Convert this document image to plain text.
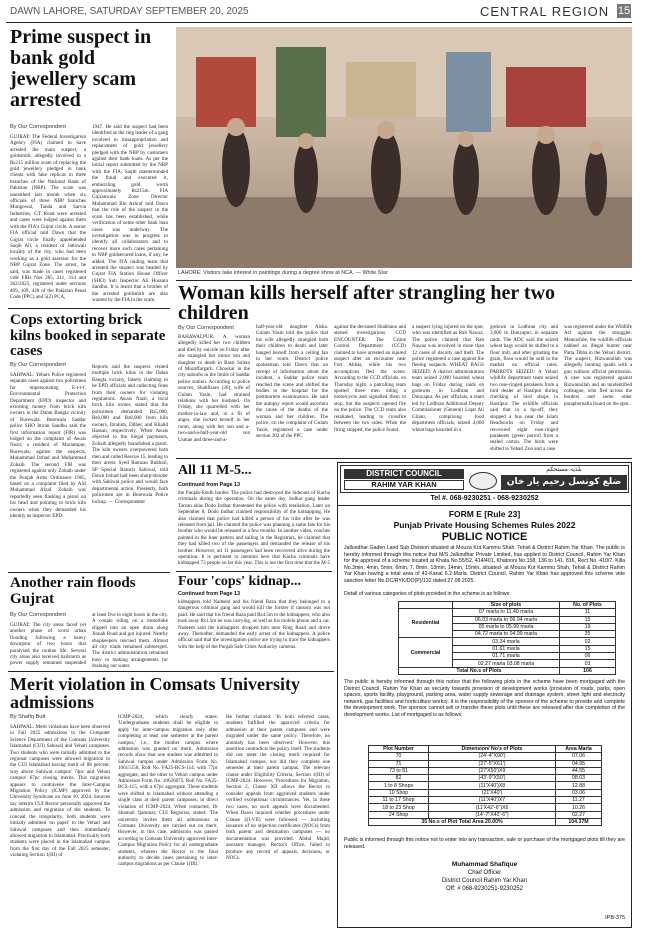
DAWN LAHORE, SATURDAY SEPTEMBER 20, 2025	CENTRAL REGION 15
Prime suspect in bank gold jewellery scam arrested
By Our Correspondent
GUJRAT: The Federal Investigation Agency (FIA) claimed to have arrested the main suspect, a goldsmith, allegedly involved in a Rs215 million scam of replacing the gold jewellery pledged in bank clients with fake replicas in three branches of the National Bank of Pakistan (NBP). The scam was unearthed last month when six officials of three NBP branches Mungowal, Tanda and Sarvia Industries, GT Road were arrested and cases were lodged against them with the FIA's Gujrat circle. A senior FIA official told Dawn that the Gujrat circle finally apprehended Saqib Ali, a resident of Jattowali locality of the city, who had been working as a gold assessor for the NBP Gujrat Zone. The arrest, he said, was made in cases registered vide FIRs Nos 285, 311, 314 and 382/2025, registered under sections 409, 109, 420 of the Pakistan Penal Code (PPC) and 5(2) PCA,
1947. He said the suspect had been identified as the ring leader of a gang involved in misappropriation and replacement of gold jewellery pledged with the NBP by customers against their bank loans. As per the initial report submitted by the NBP with the FIA, Saqib masterminded the fraud and executed it, embezzling gold worth approximately Rs215m. FIA Gujranwala Zone Director Muhammad Bin Ashraf told Dawn that the role of the suspect in the scam has been established, while verification of some other bank loan cases was underway. The investigation was in progress to identify all collaborators and to recover more such cases pertaining to NBP goldsecured loans, if any, he added. The FIA raiding team that arrested the suspect was headed by Gujrat FIA Station House Officer (SHO) Sub Inspector Ali Hussain Sandhu. It is learnt that a brother of the arrested goldsmith are also wanted by the FIA in the scam.
Cops extorting brick kilns booked in separate cases
By Our Correspondent
SAHIWAL: Yebars Police registered separate cases against two policemen for impersonating E-t-t-f. Environmental Protection Department (EPD) inspector and extorting money from brick kiln owners in the Dalan Bangla vicinity of Burewala. Burewala Saddar police SHO Imran Sandhu said the first information report (FIR) was lodged on the complaint of Awais Nazir, a resident of Mariampur, Burewala, against the suspects, Muhammad Irshad and Muhammad Zohaib. The second FIR was registered against only Zohaib under the Punjab Arms Ordinance 1965, based on a complaint filed by ASI Muhammad Afzal. Zohaib was reportedly seen flashing a pistol on his head and pointing to brick kiln owners when they demanded his identity as inspector EPD.
Reports said the suspects visited multiple brick kilns in the Dalan Bangla vicinity, falsely claiming to be EPD officials and collecting fines from their owners for violating regulations. Awais Nazir, a local brick kiln owner, stated that the policemen demanded Rs5,000, Rs6,000 and Rs8,000 from kiln owners, Ibrahim, Dilber, and Khalid Hassan, respectively. When Awais objected to the illegal payments, Zohaib allegedly brandished a pistol. The kiln owners overpowered both men and called Rescue 15, leading to their arrest. Syed Ramzan Bukhari, SP Special Branch Sahiwal, told Dawn Irshad had been sharp-shooter with Sahiwal police and would face departmental action. Presently, both policemen are in Burewala Police lockup. — Correspondent
Another rain floods Gujrat
By Our Correspondent
GUJRAT: The city areas faced yet another phase of worst urban flooding following a heavy downpour of two hours that paralysed the routine life. Several city areas also received hailstorm as power supply remained suspended
at least five to eight hours in the city. A couple riding on a motorbike slipped into an open drain along Jinnah Road and got injured. Nearby shopkeepers rescued them. Almost all city roads remained submerged. The district administration remained busy in making arrangements for draining out water.
LAHORE: Visitors take interest in paintings during a degree show at NCA. — White Star
Woman kills herself after strangling her two children
By Our Correspondent
BAHAWALPUR: A woman allegedly killed her two children and died by suicide on Friday after she strangled her minor son and daughter to death in Basti Sultan of Muzaffargarh. Chowkar in the city suburbs in the limits of Saddar police station. According to police sources, Shahfisaro (26), wife of Gulam Yasin, had strained relations with her husband. On Friday, she quarrelled with her mother-in-law and, in a fit of anger, she locked herself in her room, along with her son and a-two-and-a-half-year-old son Usman and three-and-a-
half-year-old daughter Aisha. Gulam Yasin told the police that his wife allegedly strangled both their children to death and later hanged herself from a ceiling fan in her room. District police spokesman told Dawn that on receipt of information about the incident, a Saddar police team reached the scene and shifted the bodies to the hospital for the postmortem examination. He said the autopsy report would ascertain the cause of the deaths of the woman and her children. The police, on the complaint of Gulam Yasin, registered a case under section 302 of the PPC
against the deceased Shahbano and started investigations. CCD ENCOUNTER: The Crime Control Department (CCD) claimed to have arrested an injured suspect after an encounter near Fort Abbas, while his two accomplices fled the scene. According to the CCD officials, on Thursday night, a patrolling team spotted three men riding a motorcycle and signalled them to stop, but the suspects opened fire on the police. The CCD team also retaliated, leading to crossfire between the two sides. When the firing stopped, the police found
a suspect lying injured on the spot, who was identified as Rab Nawaz. The police claimed that Rab Nawaz was involved in more than 12 cases of dacoity and theft. The police registered a case against the fleeing suspects. WHEAT BAGS SEIZED: A district administration team seized 2,000 hoarded wheat bags on Friday during raids on godowns in Lodhran and Dunyapur. As per officials, a team led by Lodhran Additional Deputy Commissioner (General) Liqat Ali Gilani, comprising food department officials, seized 4,000 wheat bags hoarded in a
godown in Lodhran city and 3,000 in Dunyapur, in separate raids. The ADC said the seized wheat bags would be shifted to a flour mill, and after grinding the grain, flour would be sold in the market on official rates. PARROTS SEIZED: A Yebari wildlife department team seized two rose-ringed parakeets from a bird dealer at Hasilpur during checking of bird shops in Hasilpur. The wildlife officials said that in a tip-off, they stopped a bus near the Islam Headworks on Friday and recovered eight rose-ringed parakeets (green parrot) from a sealed carton. The birds were shifted to Yebari Zoo and a case
was registered under the Wildlife Act against the smuggler. Meanwhile, the wildlife officials nabbed an illegal hunter near Patta Tibba in the Yebari district. The suspect, Rizwanullah was allegedly hunting quails with a gun without official permission. A case was registered against Rizwanullah and an unidentified colleague, who fled across the borders and some other paraphernalia found on the spot.
All 11 M-5...
Continued from Page 13
the Punjab-Sindh border. The police had destroyed the hideouts of Kacha criminals during the operation. On the same day, Indhar gang leader Tarzan alias Dodo Indhar threatened the police with retaliation. Later on September 8, Dodo Indhar claimed responsibility of the kidnapping. He also claimed that police had killed a person of his tribe after he was released from jail. He claimed the police was planning a same fate for his brother who would be released in a few months. In another video, coaches painted in the liner pattern and sailing in the Registrars, he claimed that they had killed two of the passengers and demanded the release of his brother. However, all 11 passengers had been recovered alive during the operation. It is pertinent to mention here that Kacha criminals have kidnapped 73 people so far this year. This is not the first time that the M-5
Four 'cops' kidnap...
Continued from Page 13
kidnappers told Nadeem and his friend Raza that they belonged to a dangerous criminal gang and would kill the former if ransom was not paid. He said that his friend Raza paid Rs4.5m to the kidnappers, who also took away Rs1.5m he was carrying, as well as his mobile phone and a car. Nadeem said the kidnappers dropped him near Ring Road and drove away. Thereafter, demanded the early arrest of the kidnappers. A police official said that the investigation police are trying to trace the kidnappers with the help of the Punjab Safe Cities Authority cameras.
Merit violation in Comsats University admissions
By Shafiq Butt
SAHIWAL: Merit violations have been observed in Fall 2025 admissions to the Computer Science Department of the Comsats University Islamabad (CUI) Sahiwal and Vehari campuses. Two students who were initially admitted to the regional campuses were allowed migration to the CUI Islamabad having merit of 88 percent, way above Sahiwal campus' 74pc and Vehari campus' 67pc closing merits. This migration appears to contravene the Inter-Campus Migration Policy (ICMP) approved by the University Syndicate on June 10, 2024. Sources say interim CUI Rector personally approved the admission and migration of the students. To conceal the irregularity, both students were initially admitted 'on paper' to the Vehari and Sahiwal campuses and then immediately allowed migration to Islamabad. Practically both students were placed in the Islamabad campus from the first day of the Fall 2025 semester, violating Section 1(III) of
ICMP-2024, which clearly states: 'Undergraduate students shall be eligible to apply for inter-campus migration only after completing at least one semester at the parent campus,' i.e., the mother campus where admission was granted on merit. Admission records show that one student was admitted to Sahiwal campus under Admission Form No. 10615158, Roll No. FA25-BCS-114, with 77pc aggregate, and the other to Vehari campus under Admission Form No. 10626675, Roll No. FA25-BCS-115, with a 67pc aggregate. These students were shifted to Islamabad without attending a single class at their parent campuses, in direct violation of ICMP-2024. When contacted, Dr Shamail Qammar, CUI Registrar, stated: 'The university invites them all admissions at Comsats University are carried out on merit. However, in this case, admission was passed according to Comsats University approved Inter-Campus Migration Policy for all undergraduate students, wherein the Rector is the final authority to decide cases pertaining to inter-campus migrations as per Clause 1(III).'
He further claimed: 'In both referred cases, students fulfilled the approved criteria for admission at their parent campuses and were migrated under the same policy. Therefore, no anomaly has been observed.' However, this assertion contradicts the policy itself. The students did not meet the closing merit required for Islamabad campus, nor did they complete one semester at their parent campus. The relevant clause under Eligibility Criteria, Section 1(III) of ICMP-2024. However, 'Procedures for Migration, Section 2, Clause XII allows the Rector to consider appeals from aggrieved students under verified exceptional circumstances. Yet, in these two cases, no such appeals were documented. When Dawn inquired whether procedures under Clause 2(I-VII) were followed — including issuance of no objection certificates (NOCs) from both parent and destination campuses — no documentation was provided. Abdul Majid, assistant manager, Rector's Office, failed to produce any record of appeals, decisions, or NOCs.
DISTRICT COUNCIL
RAHIM YAR KHAN
بلدیہ مستحکم
ضلع کونسل رحیم یار خان
Tel #. 068-9230251 - 068-9230252
FORM E [Rule 23]
Punjab Private Housing Schemes Rules 2022
PUBLIC NOTICE
Jallundhar Gaden Land Sub Division situated at Mouza Kot Kammu Shah. Tehsil & District Rahim Yar Khan. The public is hereby informed through this notice that M/S Jallundhar Private Limited, has applied to District Council, Rahim Yar Khan for the approval of a scheme located at Khata No.55/52, 414/401, Khatooni No.158, 136 to 141, 816, Rect No. 410/7, Killa No.3min, 4min, 5min, 6min, 7, 8min, 13min, 14min, 15min, situated- at Mouza Kot Kammu Shah, Tehsil & District Rahim Yar Khan having a total area of 42-Kanal 6.2-Marla. District Council, Rahim Yar Khan has approved this scheme vide sanction letter No.DC/RYK/DO(P)/132 dated 27.08.2025.
Detail of various categories of plots provided in the scheme is as follows:
	Size of plots	No. of Plots
Residential	07 marla to 11.40 marla	11
	06.03 marla to 06.94 marla	15
	05 marla to 05.99 marla	19
	04.72 marla to 04.99 marla	35
Commercial	03.24 marla	02
	01.61 marla	15
	01.71 marla	06
	02.27 marla 03.08 marla	03
Total No.s of Plots		106
The public is hereby informed through this notice that the following plots in the scheme have been mortgaged with the District Council, Rahim Yar Khan as security towards provision of development works (provision of roads, parks, open spaces, sports facility, playground, parking area, water supply sewerage and drainage system, street light and electricity network, gas facilities and horticulture works). It is the responsibility of the sponsor of the scheme to provide and complete the development work. The sponsor cannot sell or transfer these plots until these are released after due completion of the development works. List of mortgaged is as follows:
Plot Number	Dimension/ No's of Plots	Area Marla
70	(24'-4"X90')	07.06
71	(27'-5"X61')	04.95
73 to 81	(27'X50')X9	44.55
82	(43'-9"X50')	08.03
1 to 8 Shops	(11'X40')X8	12.88
10 Shop	(21'X40')	03.06
11 to 17 Shop	(11'X40')X7	11.27
18 to 23 Shop	(11'X42'-6")X6	10.26
24 Shop	(14'-7"X42'-6")	02.27
35 No.s of Plot Total Area 20.00%		104.37M
Public is informed through this notice not to enter into any transaction, sale or purchase of the mortgaged plots till they are released.
Muhammad Shafique
Chief Officer
District Council Rahim Yar Khan
Off: # 068-9230251-9230252
IPB-375
